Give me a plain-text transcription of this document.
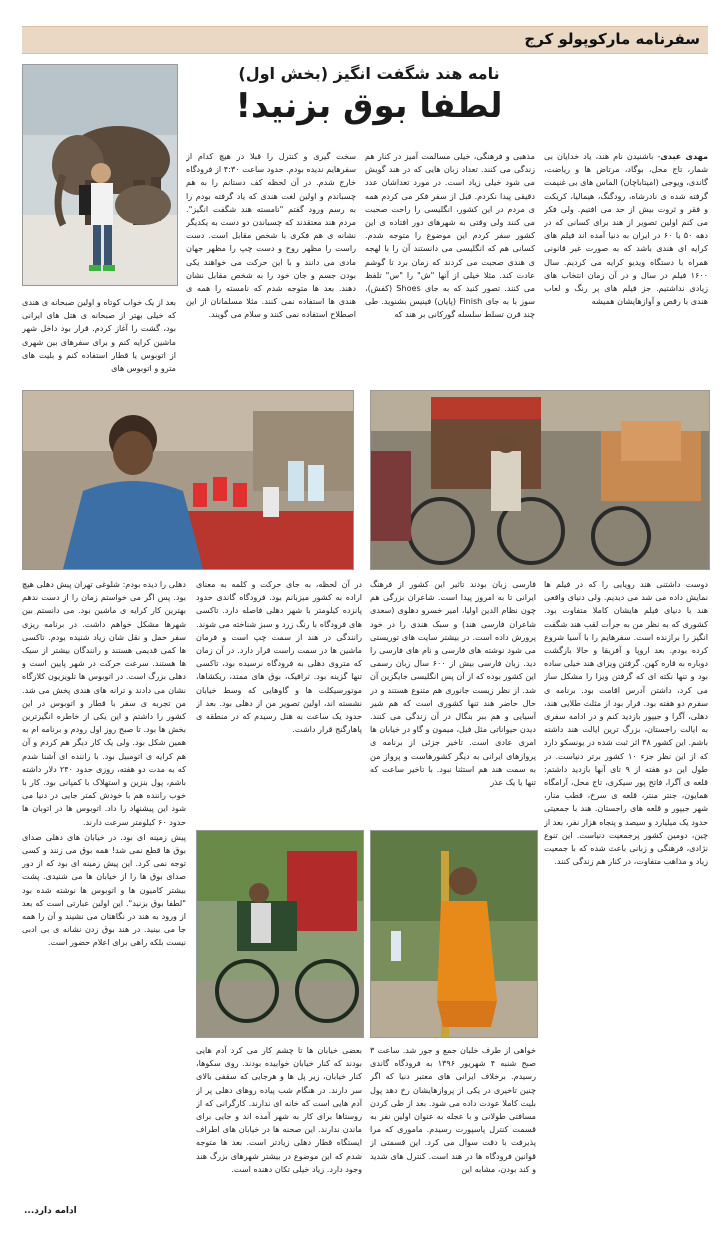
سفرنامه مارکوپولو کرج
نامه هند شگفت انگیز (بخش اول)
لطفا بوق بزنید!

مهدی عبدی- باشنیدن نام هند، یاد خدایان بی شمار، تاج محل، بوگاد، مرتاض ها و ریاضت، گاندی، ویوجی (امیتاباچان) الماس های بی غنیمت گرفته شده ی نادرشاه، رودگنگ، هیمالیا، کریکت و فقر و ثروت بیش از حد می افتیم. ولی فکر می کنم اولین تصویر از هند برای کسانی که در دهه ۵۰ یا ۶۰ در ایران به دنیا آمده اند فیلم های کرایه ای هندی باشد که به صورت غیر قانونی همراه با دستگاه ویدیو کرایه می کردیم. سال ۱۶۰۰ فیلم در سال و در آن زمان انتخاب های زیادی نداشتیم. جز فیلم های پر رنگ و لعاب هندی با رقص و آوازهایشان همیشه

مذهبی و فرهنگی، خیلی مسالمت آمیز در کنار هم زندگی می کنند. تعداد زبان هایی که در هند گویش می شود خیلی زیاد است. در مورد تعداشان عدد دقیقی پیدا نکردم. قبل از سفر فکر می کردم همه ی مردم در این کشور، انگلیسی را راحت صحبت می کنند ولی وقتی به شهرهای دور افتاده ی این کشور سفر کردم این موضوع را متوجه شدم. کسانی هم که انگلیسی می دانستند آن را با لهجه ی هندی صحبت می کردند که زمان برد تا گوشم عادت کند. مثلا خیلی از آنها "ش" را "س" تلفظ می کنند. تصور کنید که به جای Shoes (کفش)، سوز با به جای Finish (پایان) فینیس بشنوید. طی چند قرن تسلط سلسله گورکانی بر هند که

سخت گیری و کنترل را قبلا در هیچ کدام از سفرهایم ندیده بودم. حدود ساعت ۴:۳۰ از فرودگاه خارج شدم. در آن لحظه کف دستانم را به هم چسباندم و اولین لغت هندی که یاد گرفته بودم را به رسم ورود گفتم "نامسته هند شگفت انگیز". مردم هند معتقدند که چسباندن دو دست به یکدیگر نشانه ی هم فکری با شخص مقابل است. دست راست را مظهر روح و دست چپ را مظهر جهان مادی می دانند و با این حرکت می خواهند یکی بودن جسم و جان خود را به شخص مقابل نشان دهند. بعد ها متوجه شدم که نامسته را همه ی هندی ها استفاده نمی کنند. مثلا مسلمانان از این اصطلاح استفاده نمی کنند و سلام می گویند.

بعد از یک خواب کوتاه و اولین صبحانه ی هندی که خیلی بهتر از صبحانه ی هتل های ایرانی بود، گشت را آغاز کردم. قرار بود داخل شهر ماشین کرایه کنم و برای سفرهای بین شهری از اتوبوس یا قطار استفاده کنم و بلیت های مترو و اتوبوس های

دوست داشتنی هند رویایی را که در فیلم ها نمایش داده می شد می دیدیم. ولی دنیای واقعی هند با دنیای فیلم هایشان کاملا متفاوت بود. کشوری که به نظر من به جرأت لقب هند شگفت انگیز را برازنده است. سفرهایم را با آسیا شروع کرده بودم. بعد اروپا و آفریقا و حالا بازگشت دوباره به قاره کهن. گرفتن ویزای هند خیلی ساده بود و تنها نکته ای که گرفتن ویزا را مشکل ساز می کرد، داشتن آدرس اقامت بود. برنامه ی سفرم دو هفته بود. قرار بود از مثلث طلایی هند، دهلی، آگرا و جیپور بازدید کنم و در ادامه سفری به ایالت راجستان، بزرگ ترین ایالت هند داشته باشم. این کشور ۳۸ اثر ثبت شده در یونسکو دارد که از این نظر جزء ۱۰ کشور برتر دنیاست. در طول این دو هفته از ۹ تای آنها بازدید داشتم: قلعه ی آگرا، فاتح پور سیکری، تاج محل، آرامگاه همایون، جنتر منتر، قلعه ی سرخ، قطب منار، شهر جیپور و قلعه های راجستان. هند با جمعیتی حدود یک میلیارد و سیصد و پنجاه هزار نفر، بعد از چین، دومین کشور پرجمعیت دنیاست. این تنوع نژادی، فرهنگی و زبانی باعث شده که با جمعیت زیاد و مذاهب متفاوت، در کنار هم زندگی کنند.

فارسی زبان بودند تاثیر این کشور از فرهنگ ایرانی تا به امروز پیدا است. شاعران بزرگی هم چون نظام الدین اولیا، امیر خسرو دهلوی (سعدی شاعران فارسی هند) و سبک هندی را در خود پرورش داده است. در بیشتر سایت های توریستی می شود نوشته های فارسی و نام های فارسی را دید. زبان فارسی بیش از ۶۰۰ سال زبان رسمی این کشور بوده که از آن پس انگلیسی جایگزین آن شد. از نظر زیست جانوری هم متنوع هستند و در حال حاضر هند تنها کشوری است که هم شیر آسیایی و هم ببر بنگال در آن زندگی می کنند. دیدن حیواناتی مثل فیل، میمون و گاو در خیابان ها امری عادی است. تاخیر جزئی از برنامه ی پروازهای ایرانی به دیگر کشورهاست و پرواز من به سمت هند هم استثنا نبود. با تاخیر ساعت که تنها یا یک عذر

در آن لحظه، به جای حرکت و کلمه به معنای اراده به کشور میزبانم بود. فرودگاه گاندی حدود پانزده کیلومتر با شهر دهلی فاصله دارد. تاکسی های فرودگاه با رنگ زرد و سبز شناخته می شوند. رانندگی در هند از سمت چپ است و فرمان ماشین ها در سمت راست قرار دارد. در آن زمان که متروی دهلی به فرودگاه نرسیده بود، تاکسی تنها گزینه بود. ترافیک، بوق های ممتد، ریکشاها، موتورسیکلت ها و گاوهایی که وسط خیابان نشسته اند، اولین تصویر من از دهلی بود. بعد از حدود یک ساعت به هتل رسیدم که در منطقه ی پاهارگنج قرار داشت.

دهلی را دیده بودم: شلوغی تهران پیش دهلی هیچ بود. پس اگر می خواستم زمان را از دست ندهم بهترین کار کرایه ی ماشین بود. می دانستم بین شهرها مشکل خواهم داشت. در برنامه ریزی سفر حمل و نقل شان زیاد شنیده بودم. تاکسی ها کمی قدیمی هستند و رانندگان بیشتر از سیک ها هستند. سرعت حرکت در شهر پایین است و دهلی بزرگ است. در اتوبوس ها تلویزیون کلازگاه نشان می دادند و ترانه های هندی پخش می شد. من تجربه ی سفر با قطار و اتوبوس در این کشور را داشتم و این یکی از خاطره انگیزترین بخش ها بود. تا صبح روز اول رودم و برنامه ام به همین شکل بود. ولی یک کار دیگر هم کردم و آن هم کرایه ی اتومبیل بود. با راننده ای آشنا شدم که به مدت دو هفته، روزی حدود ۲۴۰ دلار داشته باشم، پول بنزین و استهلاک با کمپانی بود. کار با خوب راننده هم با خودش کمتر جایی در دنیا می شود این پیشنهاد را داد. اتوبوس ها در اتوبان ها حدود ۶۰ کیلومتر سرعت دارند.

پیش زمینه ای بود. در خیابان های دهلی صدای بوق ها قطع نمی شد! همه بوق می زنند و کسی توجه نمی کرد. این پیش زمینه ای بود که از دور صدای بوق ها را از خیابان ها می شنیدی. پشت بیشتر کامیون ها و اتوبوس ها نوشته شده بود "لطفا بوق بزنید". این اولین عبارتی است که بعد از ورود به هند در نگاهتان می نشیند و آن را همه جا می بینید. در هند بوق زدن نشانه ی بی ادبی نیست بلکه راهی برای اعلام حضور است.

خواهی از طرف خلبان جمع و جور شد. ساعت ۳ صبح شنبه ۴ شهریور ۱۳۹۶ به فرودگاه گاندی رسیدم. برخلاف ایرانی های معتبر دنیا که اگر چنین تاخیری در یکی از پروازهایشان رخ دهد پول بلیت کاملا عودت داده می شود. بعد از طی کردن مسافتی طولانی و با عجله به عنوان اولین نفر به قسمت کنترل پاسپورت رسیدم. ماموری که مرا پذیرفت با دقت سوال می کرد. این قسمتی از قوانین فرودگاه ها در هند است. کنترل های شدید و کند بودن، مشابه این

بعضی خیابان ها تا چشم کار می کرد آدم هایی بودند که کنار خیابان خوابیده بودند. روی سکوها، کنار خیابان، زیر پل ها و هرجایی که سقفی بالای سر دارند. در هنگام شب پیاده روهای دهلی پر از آدم هایی است که خانه ای ندارند. کارگرانی که از روستاها برای کار به شهر آمده اند و جایی برای ماندن ندارند. این صحنه ها در خیابان های اطراف ایستگاه قطار دهلی زیادتر است. بعد ها متوجه شدم که این موضوع در بیشتر شهرهای بزرگ هند وجود دارد. زیاد خیلی تکان دهنده است.

ادامه دارد...
